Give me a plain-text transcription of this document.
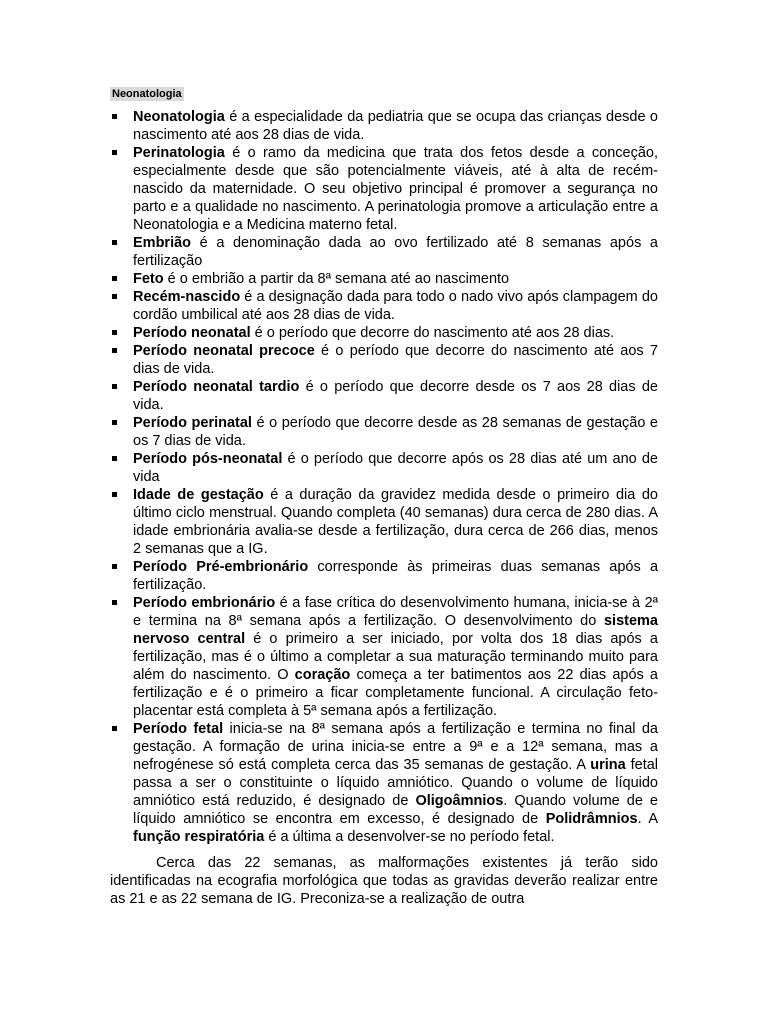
Neonatologia
Neonatologia é a especialidade da pediatria que se ocupa das crianças desde o nascimento até aos 28 dias de vida.
Perinatologia é o ramo da medicina que trata dos fetos desde a conceção, especialmente desde que são potencialmente viáveis, até à alta de recém-nascido da maternidade. O seu objetivo principal é promover a segurança no parto e a qualidade no nascimento. A perinatologia promove a articulação entre a Neonatologia e a Medicina materno fetal.
Embrião é a denominação dada ao ovo fertilizado até 8 semanas após a fertilização
Feto é o embrião a partir da 8ª semana até ao nascimento
Recém-nascido é a designação dada para todo o nado vivo após clampagem do cordão umbilical até aos 28 dias de vida.
Período neonatal é o período que decorre do nascimento até aos 28 dias.
Período neonatal precoce é o período que decorre do nascimento até aos 7 dias de vida.
Período neonatal tardio é o período que decorre desde os 7 aos 28 dias de vida.
Período perinatal é o período que decorre desde as 28 semanas de gestação e os 7 dias de vida.
Período pós-neonatal é o período que decorre após os 28 dias até um ano de vida
Idade de gestação é a duração da gravidez medida desde o primeiro dia do último ciclo menstrual. Quando completa (40 semanas) dura cerca de 280 dias. A idade embrionária avalia-se desde a fertilização, dura cerca de 266 dias, menos 2 semanas que a IG.
Período Pré-embrionário corresponde às primeiras duas semanas após a fertilização.
Período embrionário é a fase crítica do desenvolvimento humana, inicia-se à 2ª e termina na 8ª semana após a fertilização. O desenvolvimento do sistema nervoso central é o primeiro a ser iniciado, por volta dos 18 dias após a fertilização, mas é o último a completar a sua maturação terminando muito para além do nascimento. O coração começa a ter batimentos aos 22 dias após a fertilização e é o primeiro a ficar completamente funcional. A circulação feto-placentar está completa à 5ª semana após a fertilização.
Período fetal inicia-se na 8ª semana após a fertilização e termina no final da gestação. A formação de urina inicia-se entre a 9ª e a 12ª semana, mas a nefrogénese só está completa cerca das 35 semanas de gestação. A urina fetal passa a ser o constituinte o líquido amniótico. Quando o volume de líquido amniótico está reduzido, é designado de Oligoâmnios. Quando volume de e líquido amniótico se encontra em excesso, é designado de Polidrâmnios. A função respiratória é a última a desenvolver-se no período fetal.

Cerca das 22 semanas, as malformações existentes já terão sido identificadas na ecografia morfológica que todas as gravidas deverão realizar entre as 21 e as 22 semana de IG. Preconiza-se a realização de outra
